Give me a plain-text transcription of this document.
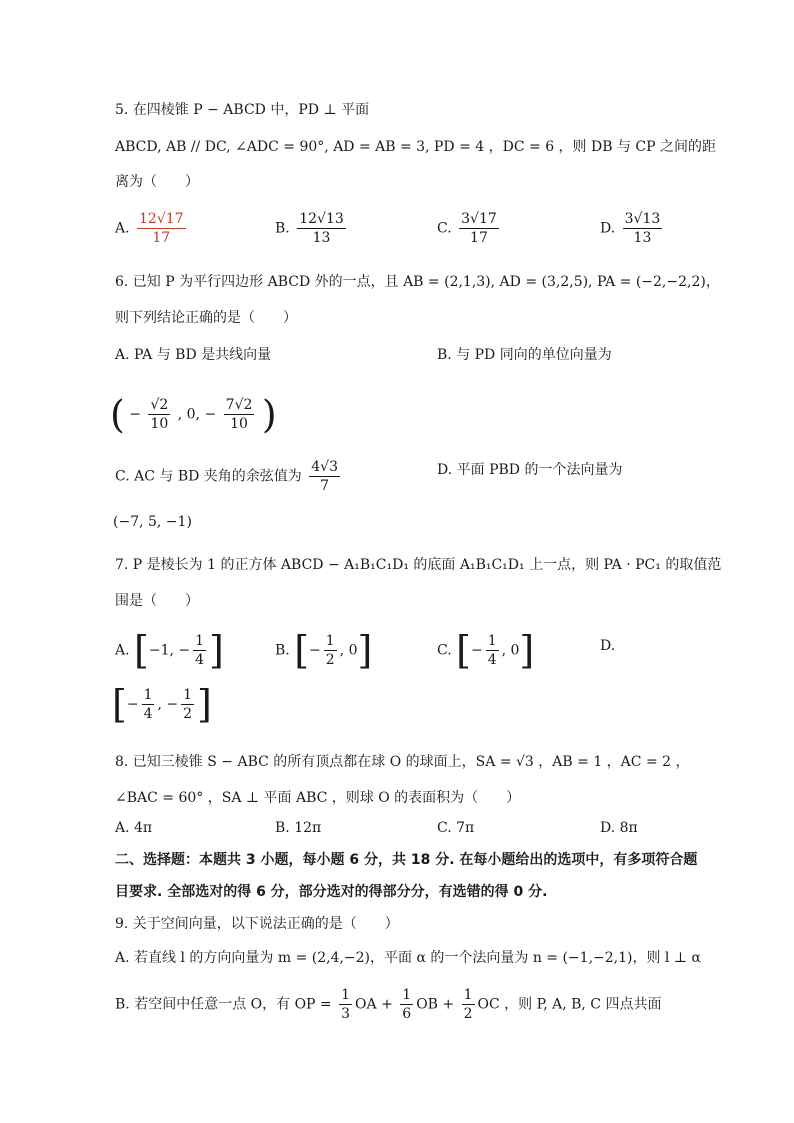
5. 在四棱锥 P − ABCD 中，PD ⊥ 平面
ABCD, AB // DC, ∠ADC = 90°, AD = AB = 3, PD = 4 ，DC = 6 ，则 DB 与 CP 之间的距
离为（　　）
A. $\frac{12√17}{17}$	B. $\frac{12√13}{13}$	C. $\frac{3√17}{17}$	D. $\frac{3√13}{13}$
6. 已知 P 为平行四边形 ABCD 外的一点，且 AB = (2,1,3), AD = (3,2,5), PA = (−2,−2,2)，
则下列结论正确的是（　　）
A. PA 与 BD 是共线向量	B. 与 PD 同向的单位向量为
( − $\frac{√2}{10}$ , 0, − $\frac{7√2}{10}$ )
C. AC 与 BD 夹角的余弦值为 $\frac{4√3}{7}$	D. 平面 PBD 的一个法向量为
(−7, 5, −1)
7. P 是棱长为 1 的正方体 ABCD − A₁B₁C₁D₁ 的底面 A₁B₁C₁D₁ 上一点，则 PA · PC₁ 的取值范
围是（　　）
A. [−1, − $\frac{1}{4}$ ]	B. [− $\frac{1}{2}$ , 0]	C. [− $\frac{1}{4}$ , 0]	D.
[− $\frac{1}{4}$ , − $\frac{1}{2}$ ]
8. 已知三棱锥 S − ABC 的所有顶点都在球 O 的球面上，SA = √3 ，AB = 1 ，AC = 2 ，
∠BAC = 60° ，SA ⊥ 平面 ABC ，则球 O 的表面积为（　　）
A. 4π	B. 12π	C. 7π	D. 8π
二、选择题：本题共 3 小题，每小题 6 分，共 18 分. 在每小题给出的选项中，有多项符合题
目要求. 全部选对的得 6 分，部分选对的得部分分，有选错的得 0 分.
9. 关于空间向量，以下说法正确的是（　　）
A. 若直线 l 的方向向量为 m = (2,4,−2)，平面 α 的一个法向量为 n = (−1,−2,1)，则 l ⊥ α
B. 若空间中任意一点 O，有 OP = $\frac{1}{3}$ OA + $\frac{1}{6}$ OB + $\frac{1}{2}$ OC ，则 P, A, B, C 四点共面
